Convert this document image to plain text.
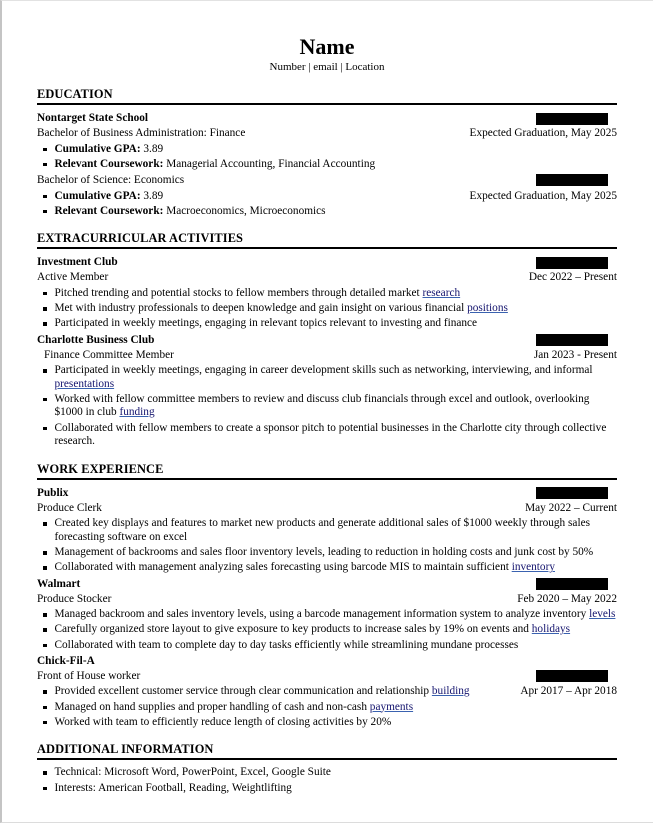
Name
Number | email | Location
EDUCATION
Nontarget State School
Bachelor of Business Administration: Finance	Expected Graduation, May 2025
Cumulative GPA: 3.89
Relevant Coursework: Managerial Accounting, Financial Accounting
Bachelor of Science: Economics
Cumulative GPA: 3.89	Expected Graduation, May 2025
Relevant Coursework: Macroeconomics, Microeconomics
EXTRACURRICULAR ACTIVITIES
Investment Club
Active Member	Dec 2022 – Present
Pitched trending and potential stocks to fellow members through detailed market research
Met with industry professionals to deepen knowledge and gain insight on various financial positions
Participated in weekly meetings, engaging in relevant topics relevant to investing and finance
Charlotte Business Club
Finance Committee Member	Jan 2023 - Present
Participated in weekly meetings, engaging in career development skills such as networking, interviewing, and informal presentations
Worked with fellow committee members to review and discuss club financials through excel and outlook, overlooking $1000 in club funding
Collaborated with fellow members to create a sponsor pitch to potential businesses in the Charlotte city through collective research.
WORK EXPERIENCE
Publix
Produce Clerk	May 2022 – Current
Created key displays and features to market new products and generate additional sales of $1000 weekly through sales forecasting software on excel
Management of backrooms and sales floor inventory levels, leading to reduction in holding costs and junk cost by 50%
Collaborated with management analyzing sales forecasting using barcode MIS to maintain sufficient inventory
Walmart
Produce Stocker	Feb 2020 – May 2022
Managed backroom and sales inventory levels, using a barcode management information system to analyze inventory levels
Carefully organized store layout to give exposure to key products to increase sales by 19% on events and holidays
Collaborated with team to complete day to day tasks efficiently while streamlining mundane processes
Chick-Fil-A
Front of House worker
Provided excellent customer service through clear communication and relationship building	Apr 2017 – Apr 2018
Managed on hand supplies and proper handling of cash and non-cash payments
Worked with team to efficiently reduce length of closing activities by 20%
ADDITIONAL INFORMATION
Technical: Microsoft Word, PowerPoint, Excel, Google Suite
Interests: American Football, Reading, Weightlifting
